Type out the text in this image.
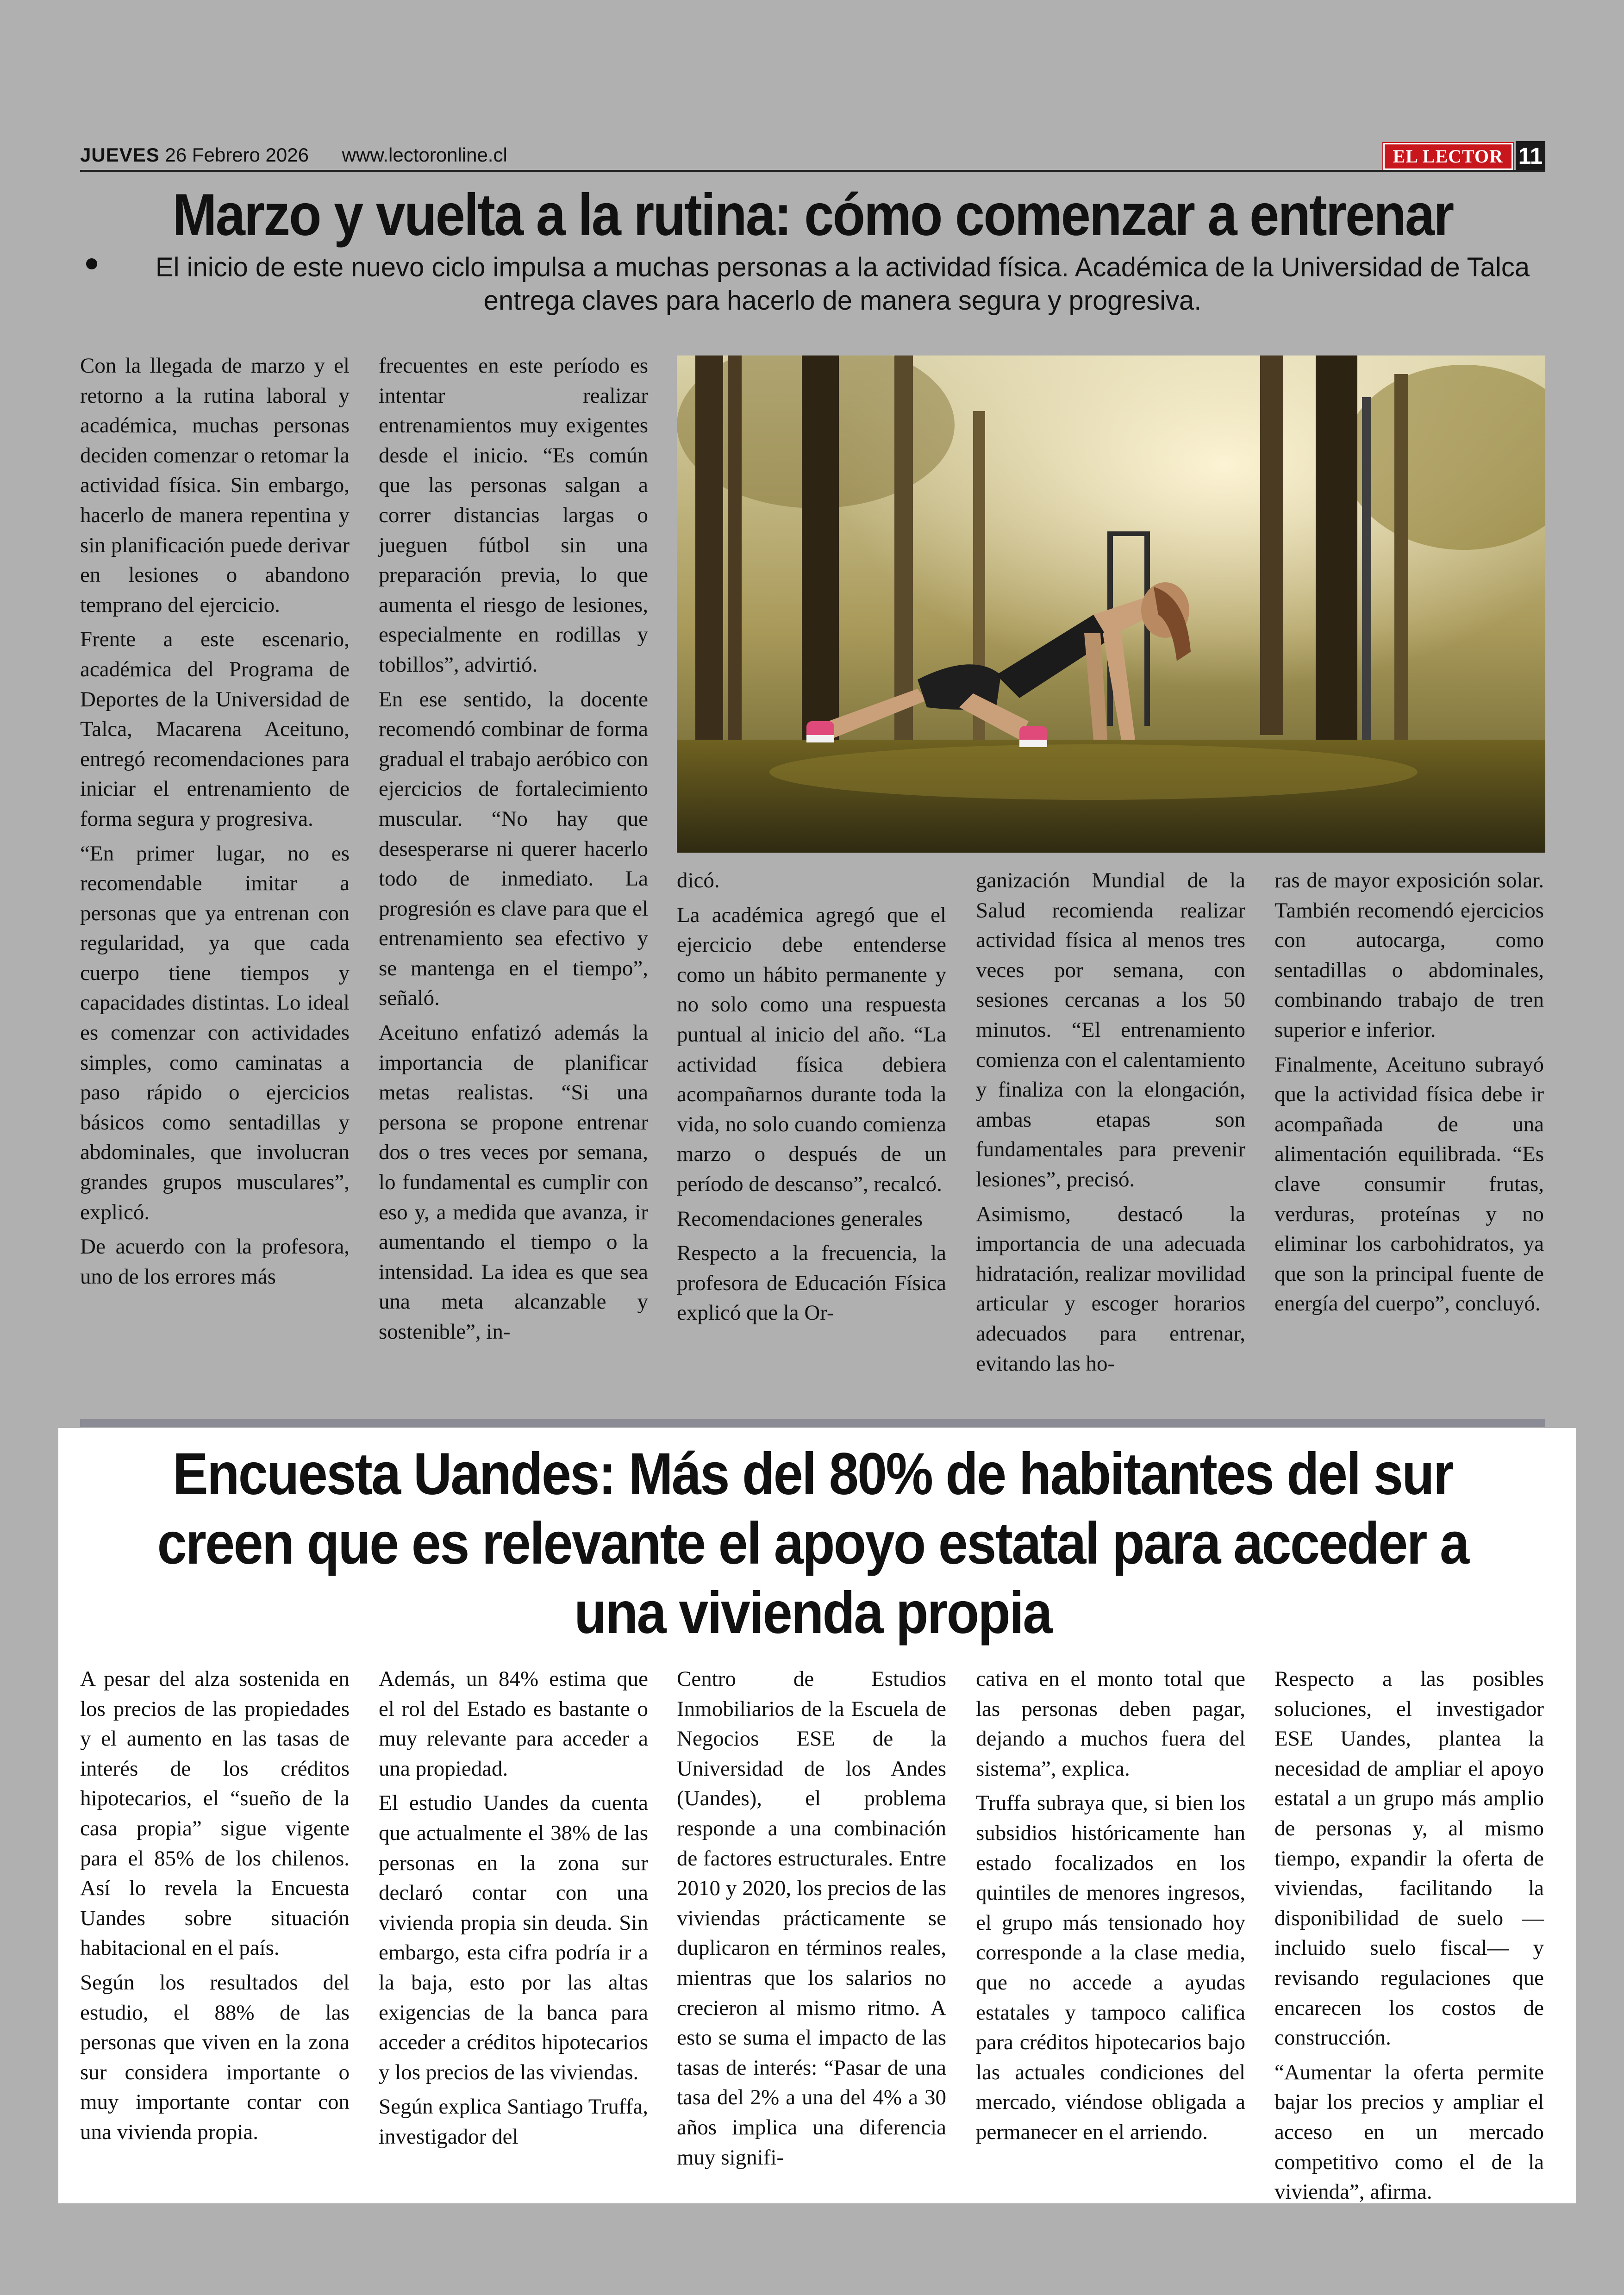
JUEVES 26 Febrero 2026 www.lectoronline.cl	EL LECTOR 11
Marzo y vuelta a la rutina: cómo comenzar a entrenar
El inicio de este nuevo ciclo impulsa a muchas personas a la actividad física. Académica de la Universidad de Talca entrega claves para hacerlo de manera segura y progresiva.

Con la llegada de marzo y el retorno a la rutina laboral y académica, muchas personas deciden comenzar o retomar la actividad física. Sin embargo, hacerlo de manera repentina y sin planificación puede derivar en lesiones o abandono temprano del ejercicio.

Frente a este escenario, académica del Programa de Deportes de la Universidad de Talca, Macarena Aceituno, entregó recomendaciones para iniciar el entrenamiento de forma segura y progresiva.

“En primer lugar, no es recomendable imitar a personas que ya entrenan con regularidad, ya que cada cuerpo tiene tiempos y capacidades distintas. Lo ideal es comenzar con actividades simples, como caminatas a paso rápido o ejercicios básicos como sentadillas y abdominales, que involucran grandes grupos musculares”, explicó.

De acuerdo con la profesora, uno de los errores más

frecuentes en este período es intentar realizar entrenamientos muy exigentes desde el inicio. “Es común que las personas salgan a correr distancias largas o jueguen fútbol sin una preparación previa, lo que aumenta el riesgo de lesiones, especialmente en rodillas y tobillos”, advirtió.

En ese sentido, la docente recomendó combinar de forma gradual el trabajo aeróbico con ejercicios de fortalecimiento muscular. “No hay que desesperarse ni querer hacerlo todo de inmediato. La progresión es clave para que el entrenamiento sea efectivo y se mantenga en el tiempo”, señaló.

Aceituno enfatizó además la importancia de planificar metas realistas. “Si una persona se propone entrenar dos o tres veces por semana, lo fundamental es cumplir con eso y, a medida que avanza, ir aumentando el tiempo o la intensidad. La idea es que sea una meta alcanzable y sostenible”, in-

dicó.

La académica agregó que el ejercicio debe entenderse como un hábito permanente y no solo como una respuesta puntual al inicio del año. “La actividad física debiera acompañarnos durante toda la vida, no solo cuando comienza marzo o después de un período de descanso”, recalcó.

Recomendaciones generales

Respecto a la frecuencia, la profesora de Educación Física explicó que la Or-

ganización Mundial de la Salud recomienda realizar actividad física al menos tres veces por semana, con sesiones cercanas a los 50 minutos. “El entrenamiento comienza con el calentamiento y finaliza con la elongación, ambas etapas son fundamentales para prevenir lesiones”, precisó.

Asimismo, destacó la importancia de una adecuada hidratación, realizar movilidad articular y escoger horarios adecuados para entrenar, evitando las ho-

ras de mayor exposición solar. También recomendó ejercicios con autocarga, como sentadillas o abdominales, combinando trabajo de tren superior e inferior.

Finalmente, Aceituno subrayó que la actividad física debe ir acompañada de una alimentación equilibrada. “Es clave consumir frutas, verduras, proteínas y no eliminar los carbohidratos, ya que son la principal fuente de energía del cuerpo”, concluyó.

Encuesta Uandes: Más del 80% de habitantes del sur creen que es relevante el apoyo estatal para acceder a una vivienda propia

A pesar del alza sostenida en los precios de las propiedades y el aumento en las tasas de interés de los créditos hipotecarios, el “sueño de la casa propia” sigue vigente para el 85% de los chilenos. Así lo revela la Encuesta Uandes sobre situación habitacional en el país.

Según los resultados del estudio, el 88% de las personas que viven en la zona sur considera importante o muy importante contar con una vivienda propia.

Además, un 84% estima que el rol del Estado es bastante o muy relevante para acceder a una propiedad.

El estudio Uandes da cuenta que actualmente el 38% de las personas en la zona sur declaró contar con una vivienda propia sin deuda. Sin embargo, esta cifra podría ir a la baja, esto por las altas exigencias de la banca para acceder a créditos hipotecarios y los precios de las viviendas.

Según explica Santiago Truffa, investigador del

Centro de Estudios Inmobiliarios de la Escuela de Negocios ESE de la Universidad de los Andes (Uandes), el problema responde a una combinación de factores estructurales. Entre 2010 y 2020, los precios de las viviendas prácticamente se duplicaron en términos reales, mientras que los salarios no crecieron al mismo ritmo. A esto se suma el impacto de las tasas de interés: “Pasar de una tasa del 2% a una del 4% a 30 años implica una diferencia muy signifi-

cativa en el monto total que las personas deben pagar, dejando a muchos fuera del sistema”, explica.

Truffa subraya que, si bien los subsidios históricamente han estado focalizados en los quintiles de menores ingresos, el grupo más tensionado hoy corresponde a la clase media, que no accede a ayudas estatales y tampoco califica para créditos hipotecarios bajo las actuales condiciones del mercado, viéndose obligada a permanecer en el arriendo.

Respecto a las posibles soluciones, el investigador ESE Uandes, plantea la necesidad de ampliar el apoyo estatal a un grupo más amplio de personas y, al mismo tiempo, expandir la oferta de viviendas, facilitando la disponibilidad de suelo —incluido suelo fiscal— y revisando regulaciones que encarecen los costos de construcción.

“Aumentar la oferta permite bajar los precios y ampliar el acceso en un mercado competitivo como el de la vivienda”, afirma.
